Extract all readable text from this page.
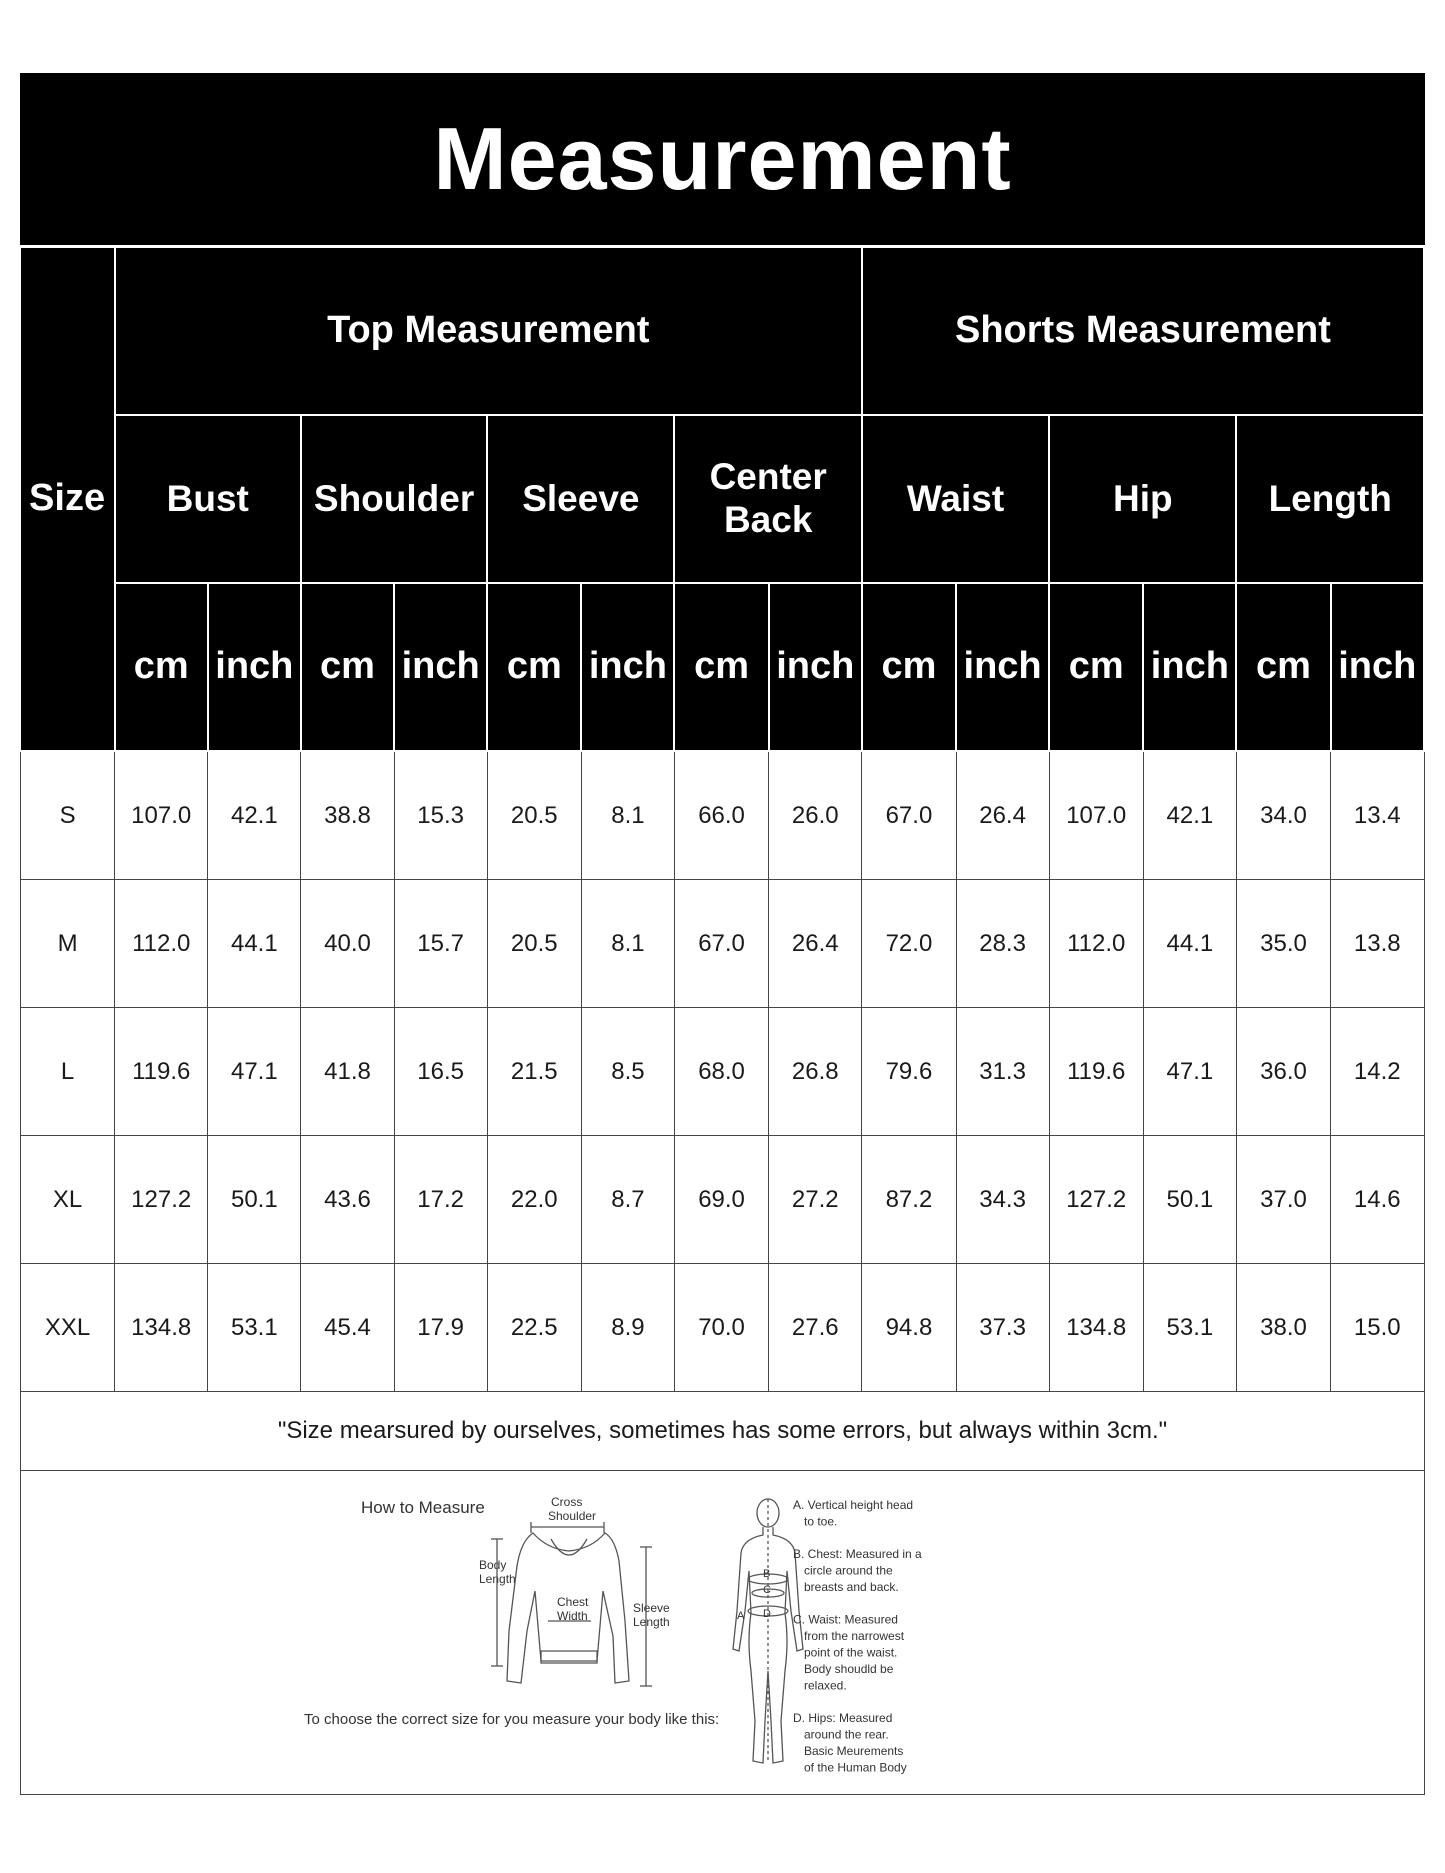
Measurement
Size	Top Measurement								Shorts Measurement					
	Bust		Shoulder		Sleeve		Center Back		Waist		Hip		Length	
	cm	inch	cm	inch	cm	inch	cm	inch	cm	inch	cm	inch	cm	inch
S	107.0	42.1	38.8	15.3	20.5	8.1	66.0	26.0	67.0	26.4	107.0	42.1	34.0	13.4
M	112.0	44.1	40.0	15.7	20.5	8.1	67.0	26.4	72.0	28.3	112.0	44.1	35.0	13.8
L	119.6	47.1	41.8	16.5	21.5	8.5	68.0	26.8	79.6	31.3	119.6	47.1	36.0	14.2
XL	127.2	50.1	43.6	17.2	22.0	8.7	69.0	27.2	87.2	34.3	127.2	50.1	37.0	14.6
XXL	134.8	53.1	45.4	17.9	22.5	8.9	70.0	27.6	94.8	37.3	134.8	53.1	38.0	15.0
"Size mearsured by ourselves, sometimes has some errors, but always within 3cm."
How to Measure	Cross
Shoulder
Body
Length
Chest
Width
Sleeve
Length
To choose the correct size for you measure your body like this:
A
B
C
D
A. Vertical height head
to toe.
B. Chest: Measured in a
circle around the
breasts and back.
C. Waist: Measured
from the narrowest
point of the waist.
Body shoudld be
relaxed.
D. Hips: Measured
around the rear.
Basic Meurements
of the Human Body
